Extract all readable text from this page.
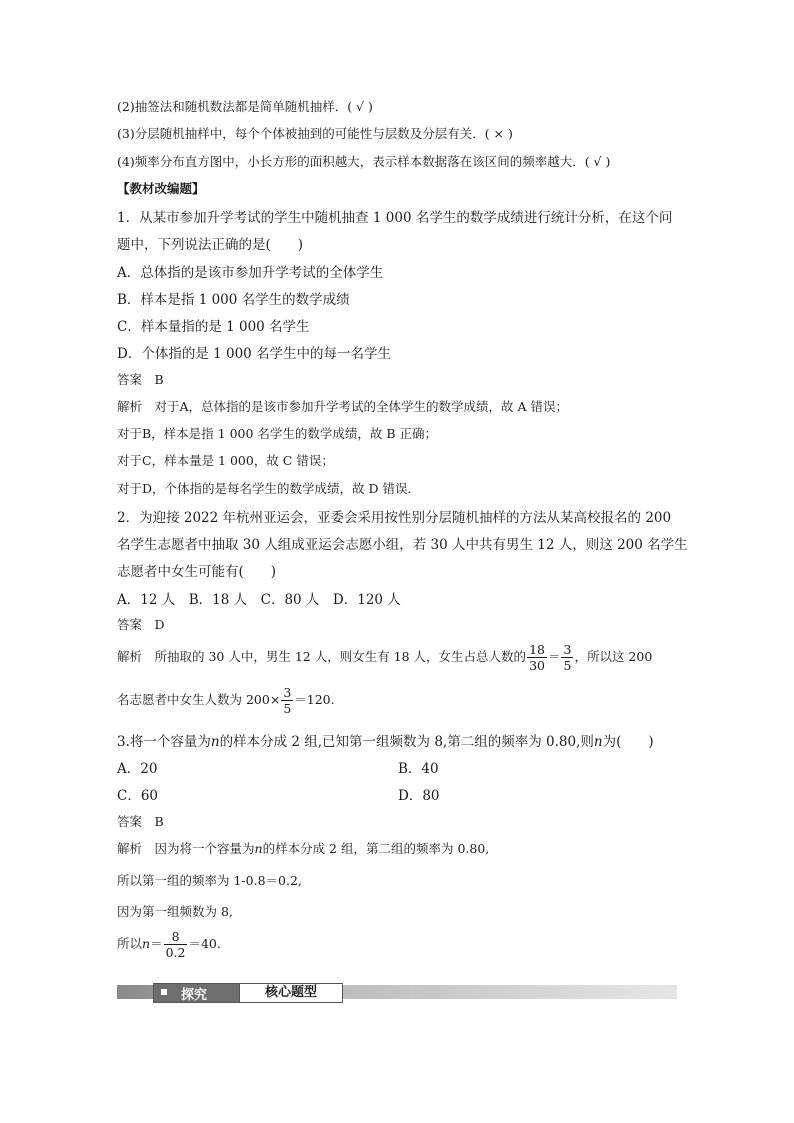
(2)抽签法和随机数法都是简单随机抽样．( √ )
(3)分层随机抽样中，每个个体被抽到的可能性与层数及分层有关．( × )
(4)频率分布直方图中，小长方形的面积越大，表示样本数据落在该区间的频率越大．( √ )
【教材改编题】
1．从某市参加升学考试的学生中随机抽查 1 000 名学生的数学成绩进行统计分析，在这个问
题中，下列说法正确的是(　　)
A．总体指的是该市参加升学考试的全体学生
B．样本是指 1 000 名学生的数学成绩
C．样本量指的是 1 000 名学生
D．个体指的是 1 000 名学生中的每一名学生
答案　B
解析　对于A，总体指的是该市参加升学考试的全体学生的数学成绩，故 A 错误；
对于B，样本是指 1 000 名学生的数学成绩，故 B 正确；
对于C，样本量是 1 000，故 C 错误；
对于D，个体指的是每名学生的数学成绩，故 D 错误．
2．为迎接 2022 年杭州亚运会，亚委会采用按性别分层随机抽样的方法从某高校报名的 200
名学生志愿者中抽取 30 人组成亚运会志愿小组，若 30 人中共有男生 12 人，则这 200 名学生
志愿者中女生可能有(　　)
A．12 人　B．18 人　C．80 人　D．120 人
答案　D
解析　所抽取的 30 人中，男生 12 人，则女生有 18 人，女生占总人数的 $\frac{18}{30} = \frac{3}{5}$ ，所以这 200
名志愿者中女生人数为 $200\times \frac{3}{5} =120$.
3.将一个容量为n的样本分成 2 组,已知第一组频数为 8,第二组的频率为 0.80,则n为(　　)
A．20	B．40
C．60	D．80
答案　B
解析　因为将一个容量为n的样本分成 2 组，第二组的频率为 0.80,
所以第一组的频率为 1-0.8＝0.2,
因为第一组频数为 8,
所以$n= \frac{8}{0.2} =40$.
探究	核心题型
